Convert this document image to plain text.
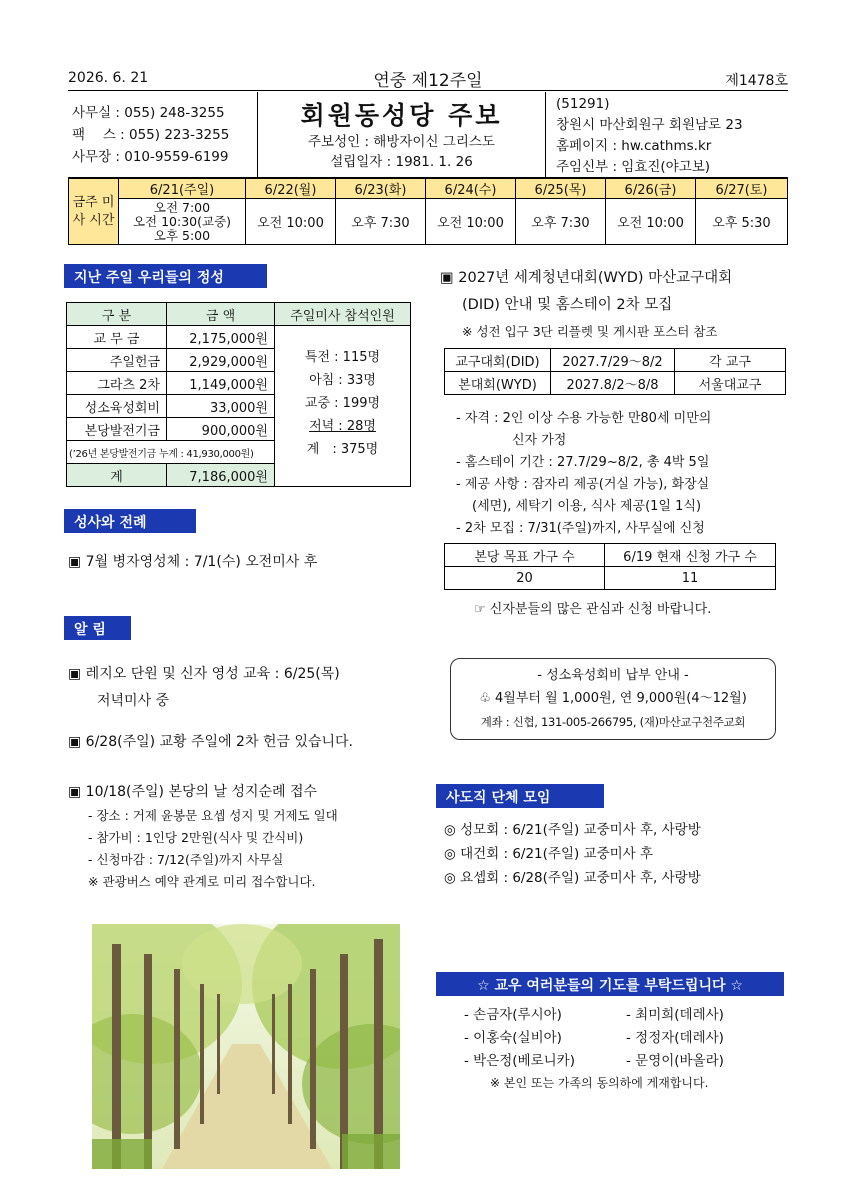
2026. 6. 21	연중 제12주일	제1478호
사무실 : 055) 248-3255
팩　 스 : 055) 223-3255
사무장 : 010-9559-6199
회원동성당 주보
주보성인 : 해방자이신 그리스도
설립일자 : 1981. 1. 26
(51291)
창원시 마산회원구 회원남로 23
홈페이지 : hw.cathms.kr
주임신부 : 임효진(야고보)
금주 미사 시간	6/21(주일)	6/22(월)	6/23(화)	6/24(수)	6/25(목)	6/26(금)	6/27(토)
	오전 7:00
오전 10:30(교중)
오후 5:00	오전 10:00	오후 7:30	오전 10:00	오후 7:30	오전 10:00	오후 5:30
지난 주일 우리들의 정성
구 분	금 액	주일미사 참석인원
교 무 금	2,175,000원	특전 : 115명
아침 : 33명
교중 : 199명
저녁 : 28명
계　: 375명

주일헌금	2,929,000원	
그라츠 2차	1,149,000원	
성소육성회비	33,000원	
본당발전기금	900,000원	
(’26년 본당발전기금 누계 : 41,930,000원)		
계	7,186,000원	
성사와 전례
▣ 7월 병자영성체 : 7/1(수) 오전미사 후
알 림
▣ 레지오 단원 및 신자 영성 교육 : 6/25(목)
저녁미사 중
▣ 6/28(주일) 교황 주일에 2차 헌금 있습니다.
▣ 10/18(주일) 본당의 날 성지순례 접수
- 장소 : 거제 윤봉문 요셉 성지 및 거제도 일대
- 참가비 : 1인당 2만원(식사 및 간식비)
- 신청마감 : 7/12(주일)까지 사무실
※ 관광버스 예약 관계로 미리 접수합니다.
▣ 2027년 세계청년대회(WYD) 마산교구대회
(DID) 안내 및 홈스테이 2차 모집
※ 성전 입구 3단 리플렛 및 게시판 포스터 참조
교구대회(DID)	2027.7/29～8/2	각 교구
본대회(WYD)	2027.8/2～8/8	서울대교구
- 자격 : 2인 이상 수용 가능한 만80세 미만의
신자 가정
- 홈스테이 기간 : 27.7/29~8/2, 총 4박 5일
- 제공 사항 : 잠자리 제공(거실 가능), 화장실
(세면), 세탁기 이용, 식사 제공(1일 1식)
- 2차 모집 : 7/31(주일)까지, 사무실에 신청
본당 목표 가구 수	6/19 현재 신청 가구 수
20	11
☞ 신자분들의 많은 관심과 신청 바랍니다.
- 성소육성회비 납부 안내 -
♧ 4월부터 월 1,000원, 연 9,000원(4～12월)
계좌 : 신협, 131-005-266795, (재)마산교구천주교회
사도직 단체 모임
◎ 성모회 : 6/21(주일) 교중미사 후, 사랑방
◎ 대건회 : 6/21(주일) 교중미사 후
◎ 요셉회 : 6/28(주일) 교중미사 후, 사랑방
☆ 교우 여러분들의 기도를 부탁드립니다 ☆
- 손금자(루시아)
- 이홍숙(실비아)
- 박은정(베로니카)
- 최미희(데레사)
- 정정자(데레사)
- 문영이(바올라)
※ 본인 또는 가족의 동의하에 게재합니다.
